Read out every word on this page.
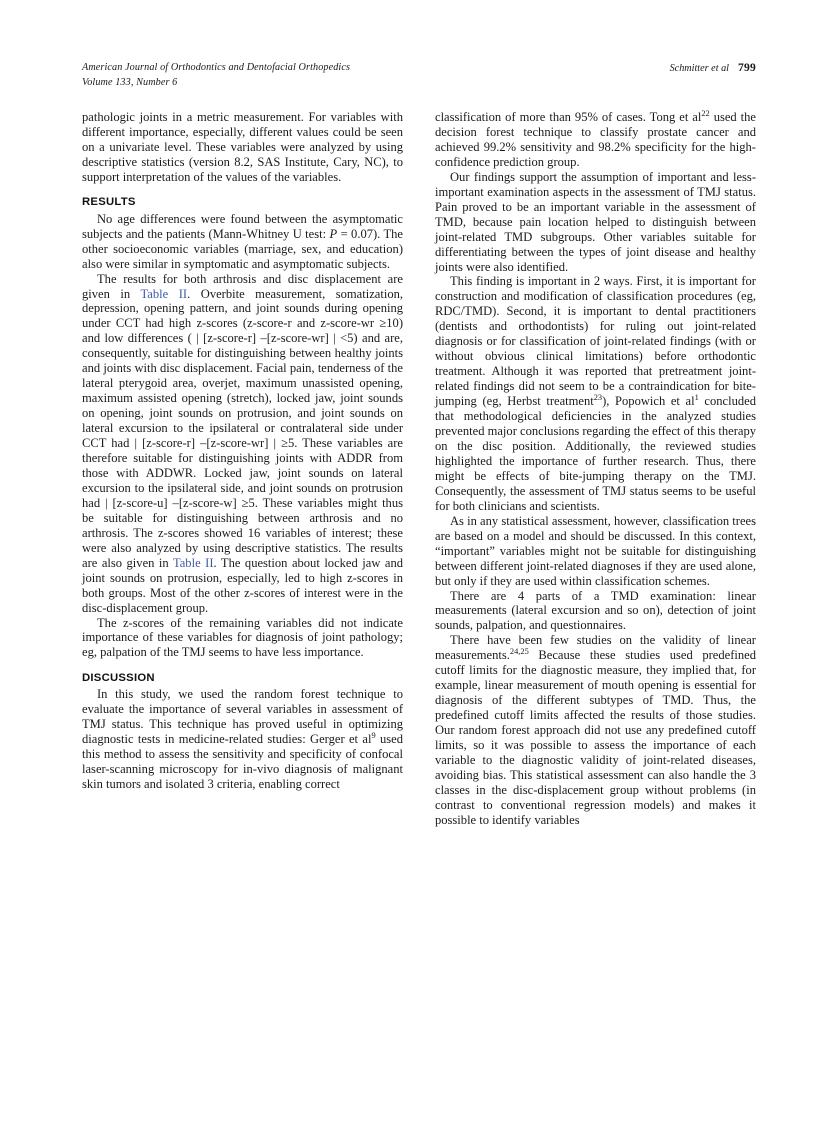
American Journal of Orthodontics and Dentofacial Orthopedics
Volume 133, Number 6
Schmitter et al 799

pathologic joints in a metric measurement. For variables with different importance, especially, different values could be seen on a univariate level. These variables were analyzed by using descriptive statistics (version 8.2, SAS Institute, Cary, NC), to support interpretation of the values of the variables.

RESULTS

No age differences were found between the asymptomatic subjects and the patients (Mann-Whitney U test: P = 0.07). The other socioeconomic variables (marriage, sex, and education) also were similar in symptomatic and asymptomatic subjects.

The results for both arthrosis and disc displacement are given in Table II. Overbite measurement, somatization, depression, opening pattern, and joint sounds during opening under CCT had high z-scores (z-score-r and z-score-wr ≥10) and low differences ( | [z-score-r] –[z-score-wr] | <5) and are, consequently, suitable for distinguishing between healthy joints and joints with disc displacement. Facial pain, tenderness of the lateral pterygoid area, overjet, maximum unassisted opening, maximum assisted opening (stretch), locked jaw, joint sounds on opening, joint sounds on protrusion, and joint sounds on lateral excursion to the ipsilateral or contralateral side under CCT had | [z-score-r] –[z-score-wr] | ≥5. These variables are therefore suitable for distinguishing joints with ADDR from those with ADDWR. Locked jaw, joint sounds on lateral excursion to the ipsilateral side, and joint sounds on protrusion had | [z-score-u] –[z-score-w] ≥5. These variables might thus be suitable for distinguishing between arthrosis and no arthrosis. The z-scores showed 16 variables of interest; these were also analyzed by using descriptive statistics. The results are also given in Table II. The question about locked jaw and joint sounds on protrusion, especially, led to high z-scores in both groups. Most of the other z-scores of interest were in the disc-displacement group.

The z-scores of the remaining variables did not indicate importance of these variables for diagnosis of joint pathology; eg, palpation of the TMJ seems to have less importance.

DISCUSSION

In this study, we used the random forest technique to evaluate the importance of several variables in assessment of TMJ status. This technique has proved useful in optimizing diagnostic tests in medicine-related studies: Gerger et al$^9$ used this method to assess the sensitivity and specificity of confocal laser-scanning microscopy for in-vivo diagnosis of malignant skin tumors and isolated 3 criteria, enabling correct

classification of more than 95% of cases. Tong et al$^{22}$ used the decision forest technique to classify prostate cancer and achieved 99.2% sensitivity and 98.2% specificity for the high-confidence prediction group.

Our findings support the assumption of important and less-important examination aspects in the assessment of TMJ status. Pain proved to be an important variable in the assessment of TMD, because pain location helped to distinguish between joint-related TMD subgroups. Other variables suitable for differentiating between the types of joint disease and healthy joints were also identified.

This finding is important in 2 ways. First, it is important for construction and modification of classification procedures (eg, RDC/TMD). Second, it is important to dental practitioners (dentists and orthodontists) for ruling out joint-related diagnosis or for classification of joint-related findings (with or without obvious clinical limitations) before orthodontic treatment. Although it was reported that pretreatment joint-related findings did not seem to be a contraindication for bite-jumping (eg, Herbst treatment$^{23}$), Popowich et al$^1$ concluded that methodological deficiencies in the analyzed studies prevented major conclusions regarding the effect of this therapy on the disc position. Additionally, the reviewed studies highlighted the importance of further research. Thus, there might be effects of bite-jumping therapy on the TMJ. Consequently, the assessment of TMJ status seems to be useful for both clinicians and scientists.

As in any statistical assessment, however, classification trees are based on a model and should be discussed. In this context, “important” variables might not be suitable for distinguishing between different joint-related diagnoses if they are used alone, but only if they are used within classification schemes.

There are 4 parts of a TMD examination: linear measurements (lateral excursion and so on), detection of joint sounds, palpation, and questionnaires.

There have been few studies on the validity of linear measurements.$^{24,25}$ Because these studies used predefined cutoff limits for the diagnostic measure, they implied that, for example, linear measurement of mouth opening is essential for diagnosis of the different subtypes of TMD. Thus, the predefined cutoff limits affected the results of those studies. Our random forest approach did not use any predefined cutoff limits, so it was possible to assess the importance of each variable to the diagnostic validity of joint-related diseases, avoiding bias. This statistical assessment can also handle the 3 classes in the disc-displacement group without problems (in contrast to conventional regression models) and makes it possible to identify variables
